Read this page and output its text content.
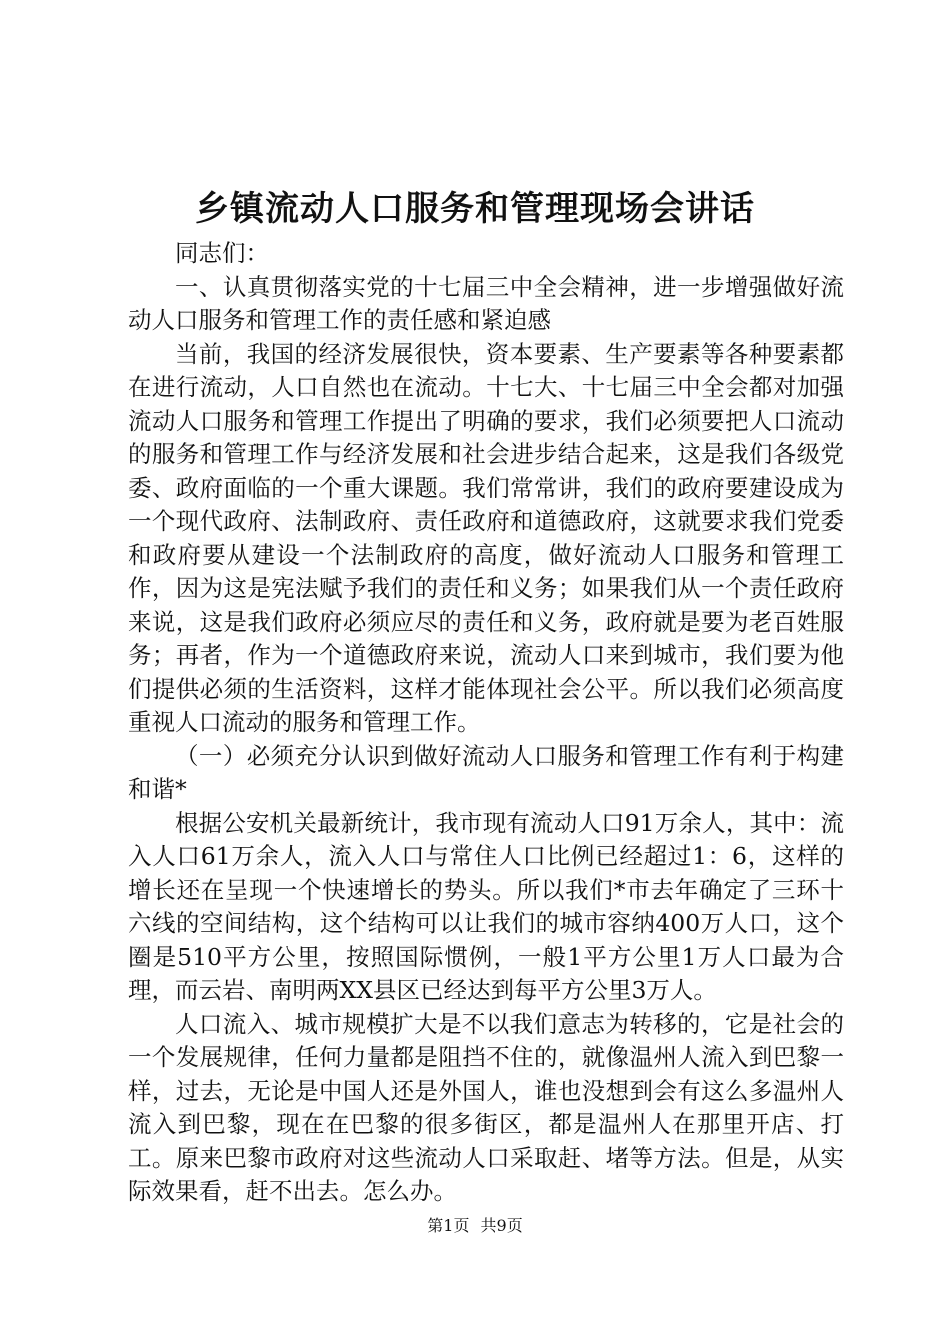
乡镇流动人口服务和管理现场会讲话

同志们：

一、认真贯彻落实党的十七届三中全会精神，进一步增强做好流动人口服务和管理工作的责任感和紧迫感

当前，我国的经济发展很快，资本要素、生产要素等各种要素都在进行流动，人口自然也在流动。十七大、十七届三中全会都对加强流动人口服务和管理工作提出了明确的要求，我们必须要把人口流动的服务和管理工作与经济发展和社会进步结合起来，这是我们各级党委、政府面临的一个重大课题。我们常常讲，我们的政府要建设成为一个现代政府、法制政府、责任政府和道德政府，这就要求我们党委和政府要从建设一个法制政府的高度，做好流动人口服务和管理工作，因为这是宪法赋予我们的责任和义务；如果我们从一个责任政府来说，这是我们政府必须应尽的责任和义务，政府就是要为老百姓服务；再者，作为一个道德政府来说，流动人口来到城市，我们要为他们提供必须的生活资料，这样才能体现社会公平。所以我们必须高度重视人口流动的服务和管理工作。

（一）必须充分认识到做好流动人口服务和管理工作有利于构建和谐*

根据公安机关最新统计，我市现有流动人口91万余人，其中：流入人口61万余人，流入人口与常住人口比例已经超过1：6，这样的增长还在呈现一个快速增长的势头。所以我们*市去年确定了三环十六线的空间结构，这个结构可以让我们的城市容纳400万人口，这个圈是510平方公里，按照国际惯例，一般1平方公里1万人口最为合理，而云岩、南明两XX县区已经达到每平方公里3万人。

人口流入、城市规模扩大是不以我们意志为转移的，它是社会的一个发展规律，任何力量都是阻挡不住的，就像温州人流入到巴黎一样，过去，无论是中国人还是外国人，谁也没想到会有这么多温州人流入到巴黎，现在在巴黎的很多街区，都是温州人在那里开店、打工。原来巴黎市政府对这些流动人口采取赶、堵等方法。但是，从实际效果看，赶不出去。怎么办。

第1页 共9页
